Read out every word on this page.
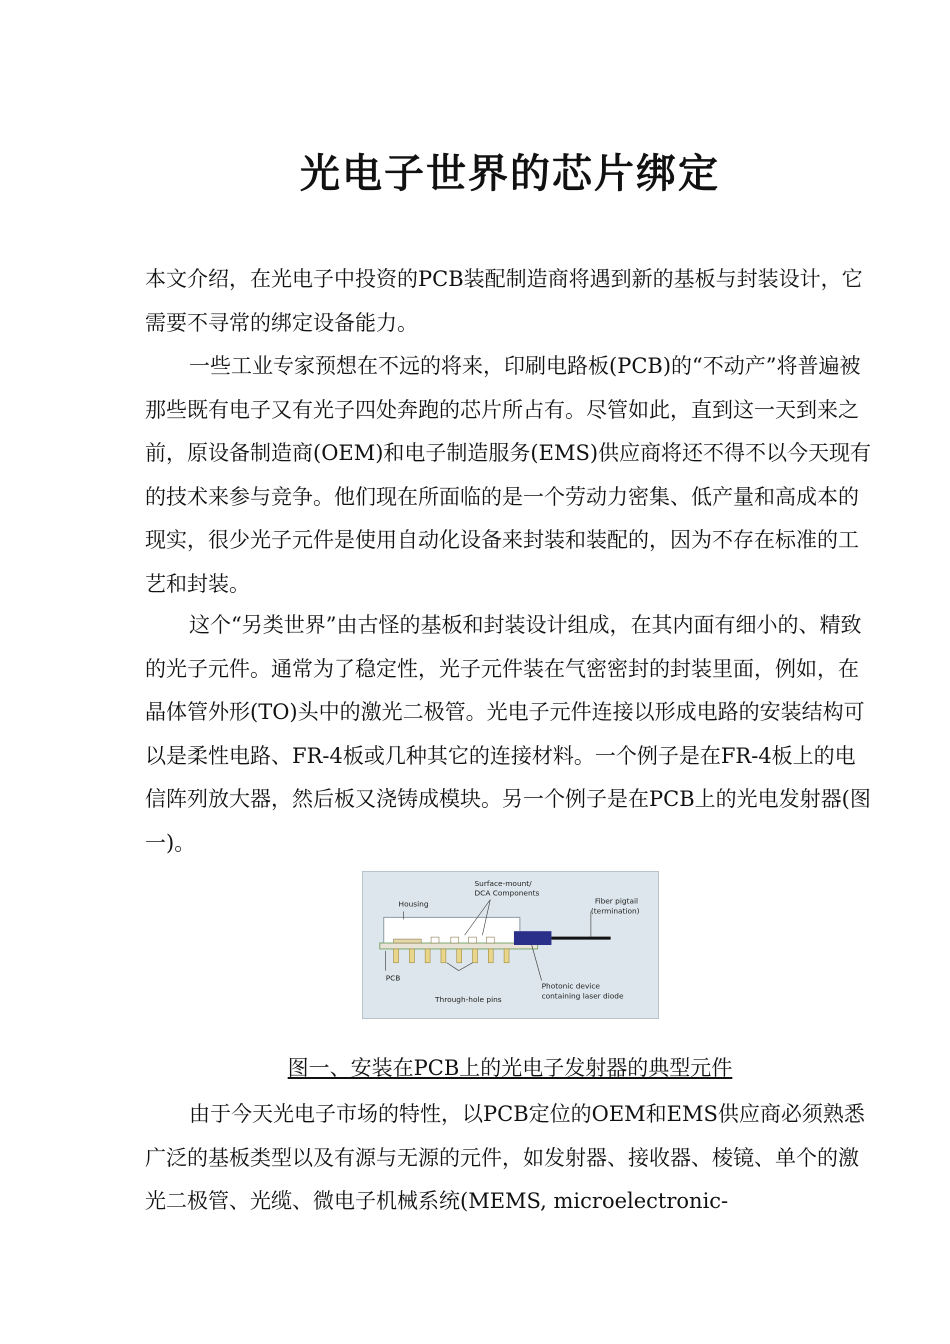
光电子世界的芯片绑定

本文介绍，在光电子中投资的PCB装配制造商将遇到新的基板与封装设计，它需要不寻常的绑定设备能力。

一些工业专家预想在不远的将来，印刷电路板(PCB)的“不动产”将普遍被那些既有电子又有光子四处奔跑的芯片所占有。尽管如此，直到这一天到来之前，原设备制造商(OEM)和电子制造服务(EMS)供应商将还不得不以今天现有的技术来参与竞争。他们现在所面临的是一个劳动力密集、低产量和高成本的现实，很少光子元件是使用自动化设备来封装和装配的，因为不存在标准的工艺和封装。

这个“另类世界”由古怪的基板和封装设计组成，在其内面有细小的、精致的光子元件。通常为了稳定性，光子元件装在气密密封的封装里面，例如，在晶体管外形(TO)头中的激光二极管。光电子元件连接以形成电路的安装结构可以是柔性电路、FR-4板或几种其它的连接材料。一个例子是在FR-4板上的电信阵列放大器，然后板又浇铸成模块。另一个例子是在PCB上的光电发射器(图一)。

Housing
Surface-mount/
DCA Components
Fiber pigtail
(termination)
PCB
Through-hole pins
Photonic device
containing laser diode

图一、安装在PCB上的光电子发射器的典型元件

由于今天光电子市场的特性，以PCB定位的OEM和EMS供应商必须熟悉广泛的基板类型以及有源与无源的元件，如发射器、接收器、棱镜、单个的激光二极管、光缆、微电子机械系统(MEMS, microelectronic-
